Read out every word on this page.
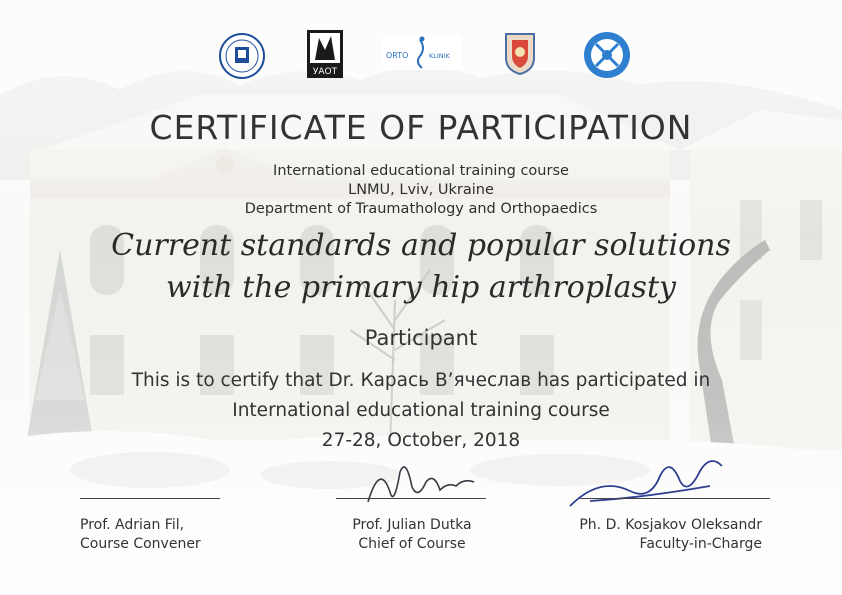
УАОТ
ORTO	KLINIK
CERTIFICATE OF PARTICIPATION
International educational training course
LNMU, Lviv, Ukraine
Department of Traumathology and Orthopaedics
Current standards and popular solutions
with the primary hip arthroplasty
Participant
This is to certify that Dr. Карась В’ячеслав has participated in
International educational training course
27-28, October, 2018
Prof. Adrian Fil,
Course Convener
Prof. Julian Dutka
Chief of Course
Ph. D. Kosjakov Oleksandr
Faculty-in-Charge
